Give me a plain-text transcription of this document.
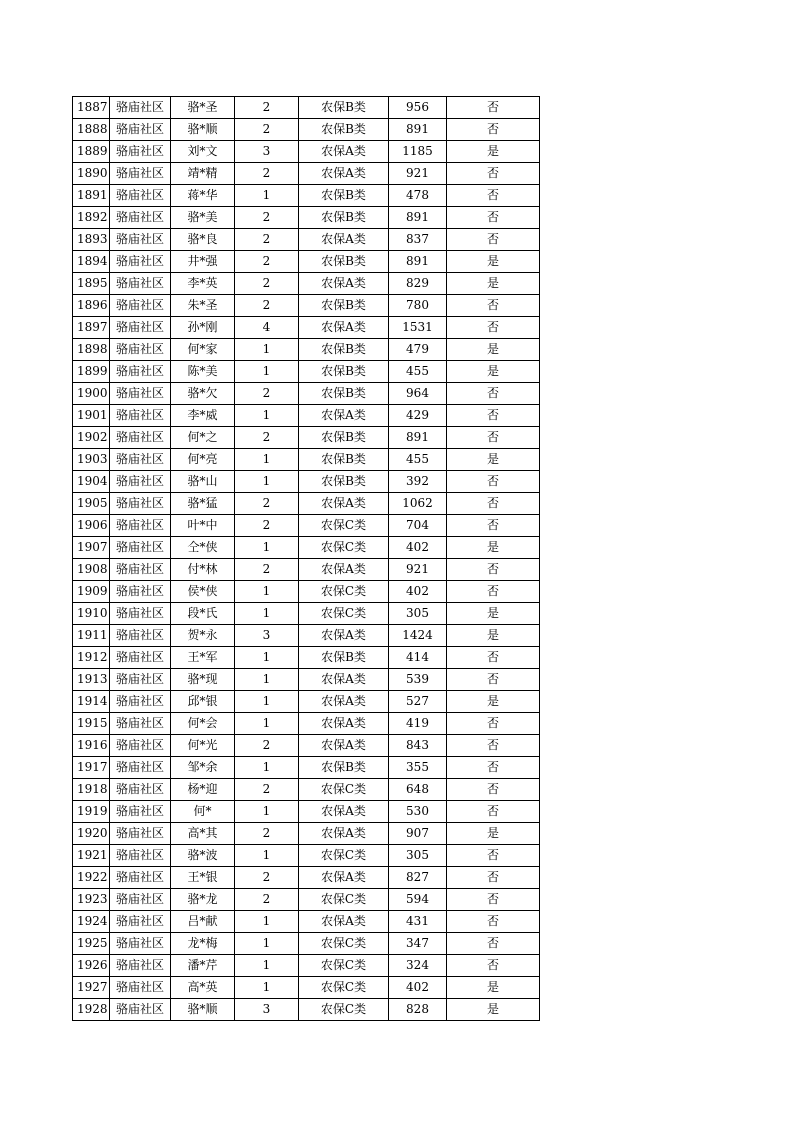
1887	骆庙社区	骆*圣	2	农保B类	956	否
1888	骆庙社区	骆*顺	2	农保B类	891	否
1889	骆庙社区	刘*文	3	农保A类	1185	是
1890	骆庙社区	靖*精	2	农保A类	921	否
1891	骆庙社区	蒋*华	1	农保B类	478	否
1892	骆庙社区	骆*美	2	农保B类	891	否
1893	骆庙社区	骆*良	2	农保A类	837	否
1894	骆庙社区	井*强	2	农保B类	891	是
1895	骆庙社区	李*英	2	农保A类	829	是
1896	骆庙社区	朱*圣	2	农保B类	780	否
1897	骆庙社区	孙*刚	4	农保A类	1531	否
1898	骆庙社区	何*家	1	农保B类	479	是
1899	骆庙社区	陈*美	1	农保B类	455	是
1900	骆庙社区	骆*欠	2	农保B类	964	否
1901	骆庙社区	李*威	1	农保A类	429	否
1902	骆庙社区	何*之	2	农保B类	891	否
1903	骆庙社区	何*亮	1	农保B类	455	是
1904	骆庙社区	骆*山	1	农保B类	392	否
1905	骆庙社区	骆*猛	2	农保A类	1062	否
1906	骆庙社区	叶*中	2	农保C类	704	否
1907	骆庙社区	仝*侠	1	农保C类	402	是
1908	骆庙社区	付*林	2	农保A类	921	否
1909	骆庙社区	侯*侠	1	农保C类	402	否
1910	骆庙社区	段*氏	1	农保C类	305	是
1911	骆庙社区	贺*永	3	农保A类	1424	是
1912	骆庙社区	王*军	1	农保B类	414	否
1913	骆庙社区	骆*现	1	农保A类	539	否
1914	骆庙社区	邱*银	1	农保A类	527	是
1915	骆庙社区	何*会	1	农保A类	419	否
1916	骆庙社区	何*光	2	农保A类	843	否
1917	骆庙社区	邹*余	1	农保B类	355	否
1918	骆庙社区	杨*迎	2	农保C类	648	否
1919	骆庙社区	何*	1	农保A类	530	否
1920	骆庙社区	高*其	2	农保A类	907	是
1921	骆庙社区	骆*波	1	农保C类	305	否
1922	骆庙社区	王*银	2	农保A类	827	否
1923	骆庙社区	骆*龙	2	农保C类	594	否
1924	骆庙社区	吕*献	1	农保A类	431	否
1925	骆庙社区	龙*梅	1	农保C类	347	否
1926	骆庙社区	潘*芹	1	农保C类	324	否
1927	骆庙社区	高*英	1	农保C类	402	是
1928	骆庙社区	骆*顺	3	农保C类	828	是
